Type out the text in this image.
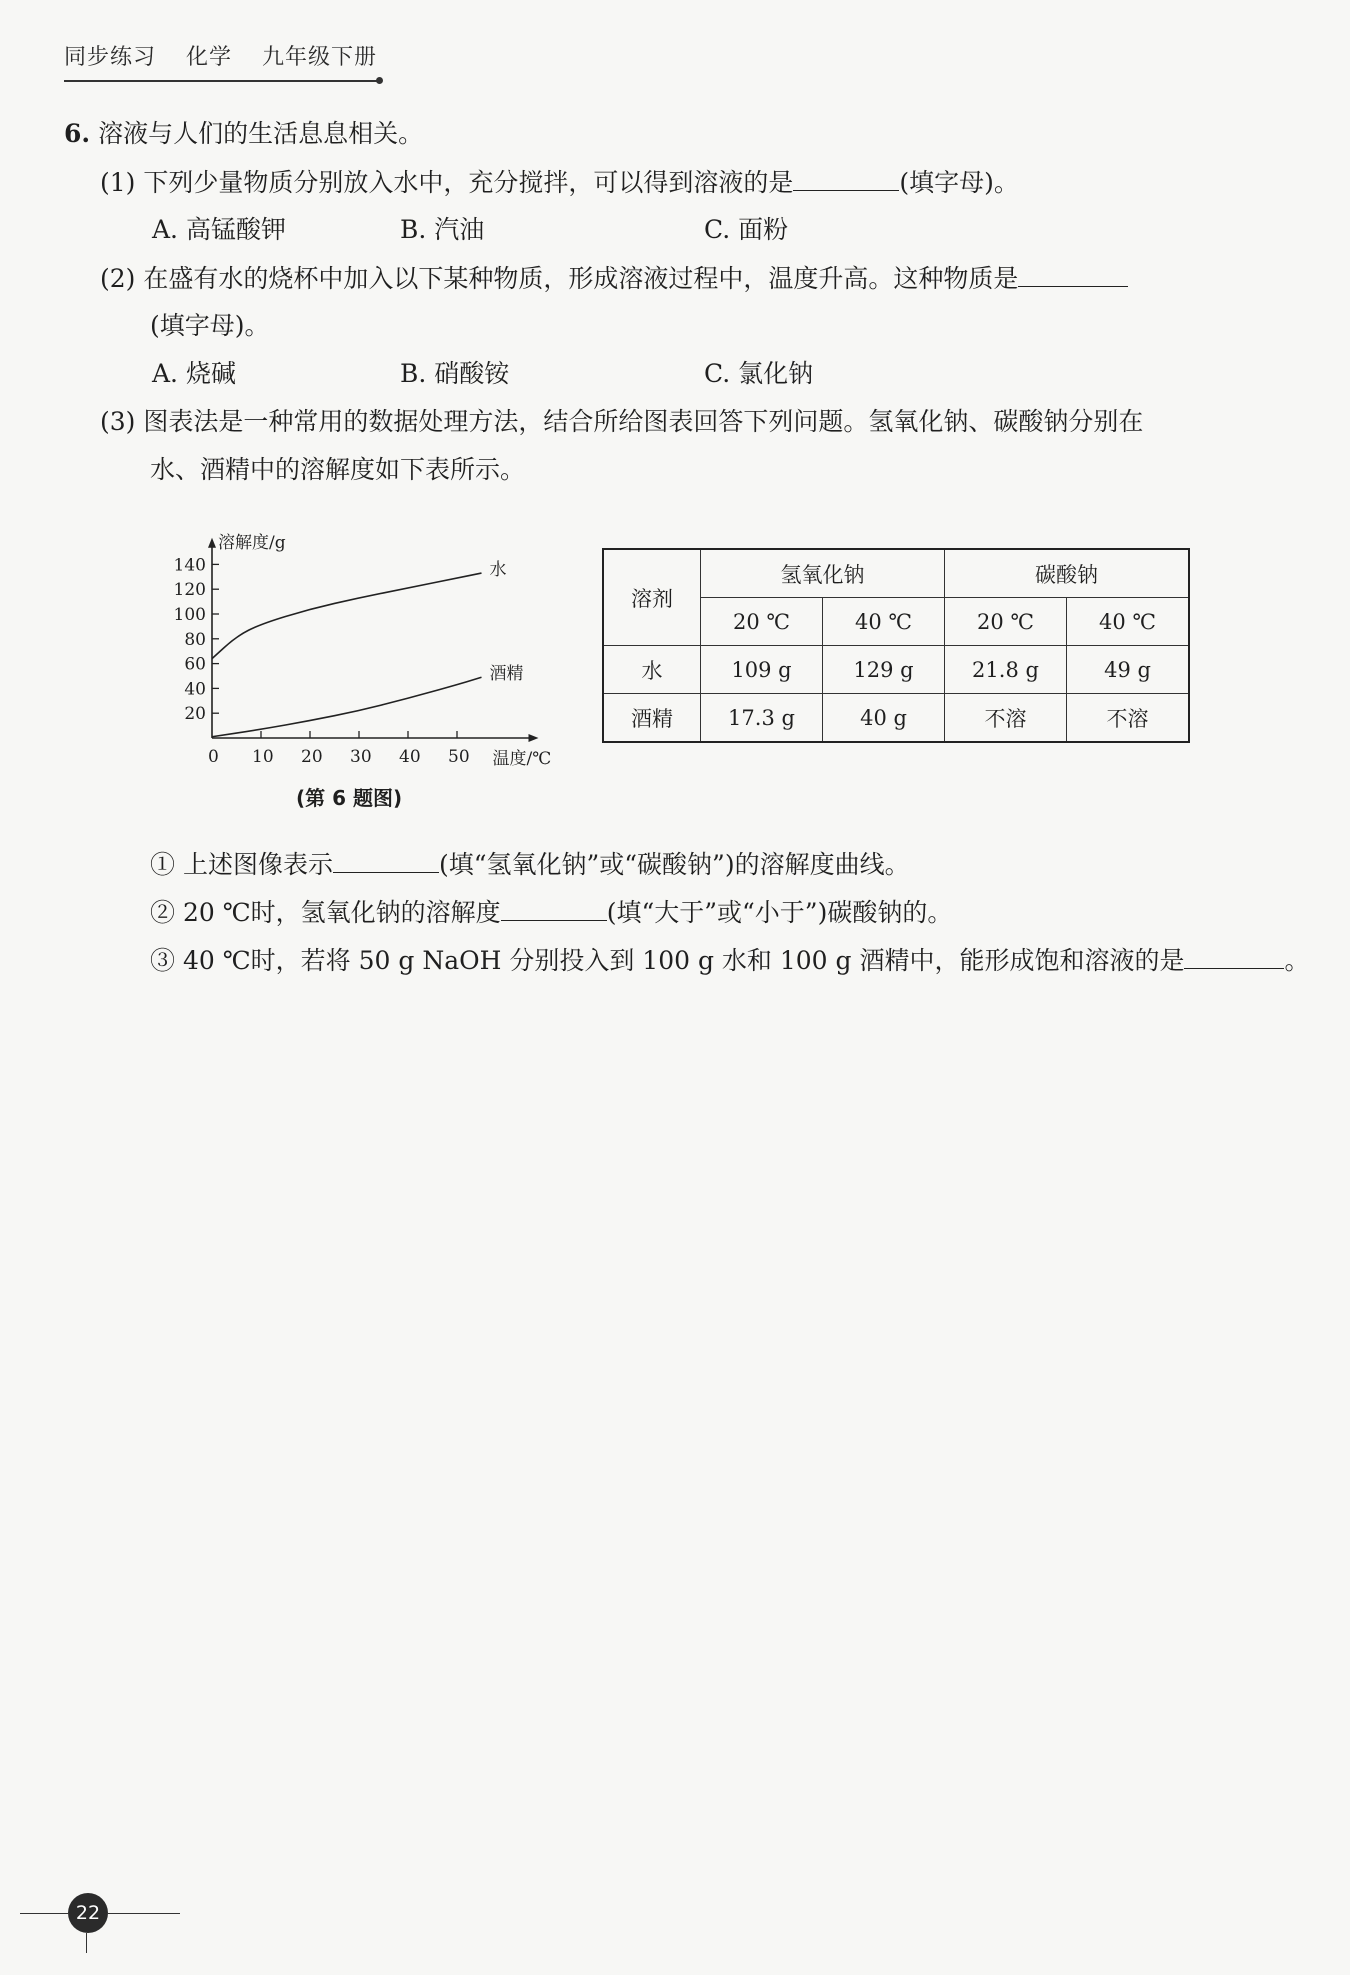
同步练习 化学 九年级下册
6. 溶液与人们的生活息息相关。
(1) 下列少量物质分别放入水中，充分搅拌，可以得到溶液的是	(填字母)。
A. 高锰酸钾	B. 汽油	C. 面粉
(2) 在盛有水的烧杯中加入以下某种物质，形成溶液过程中，温度升高。这种物质是
(填字母)。
A. 烧碱	B. 硝酸铵	C. 氯化钠
(3) 图表法是一种常用的数据处理方法，结合所给图表回答下列问题。氢氧化钠、碳酸钠分别在
水、酒精中的溶解度如下表所示。
溶解度/g
温度/℃
0 10 20 30 40 50
20
40
60
80
100
120
140	水
酒精
(第 6 题图)
溶剂	氢氧化钠		碳酸钠	
	20 ℃	40 ℃	20 ℃	40 ℃
水	109 g	129 g	21.8 g	49 g
酒精	17.3 g	40 g	不溶	不溶
① 上述图像表示	(填“氢氧化钠”或“碳酸钠”)的溶解度曲线。
② 20 ℃时，氢氧化钠的溶解度	(填“大于”或“小于”)碳酸钠的。
③ 40 ℃时，若将 50 g NaOH 分别投入到 100 g 水和 100 g 酒精中，能形成饱和溶液的是	。
22
